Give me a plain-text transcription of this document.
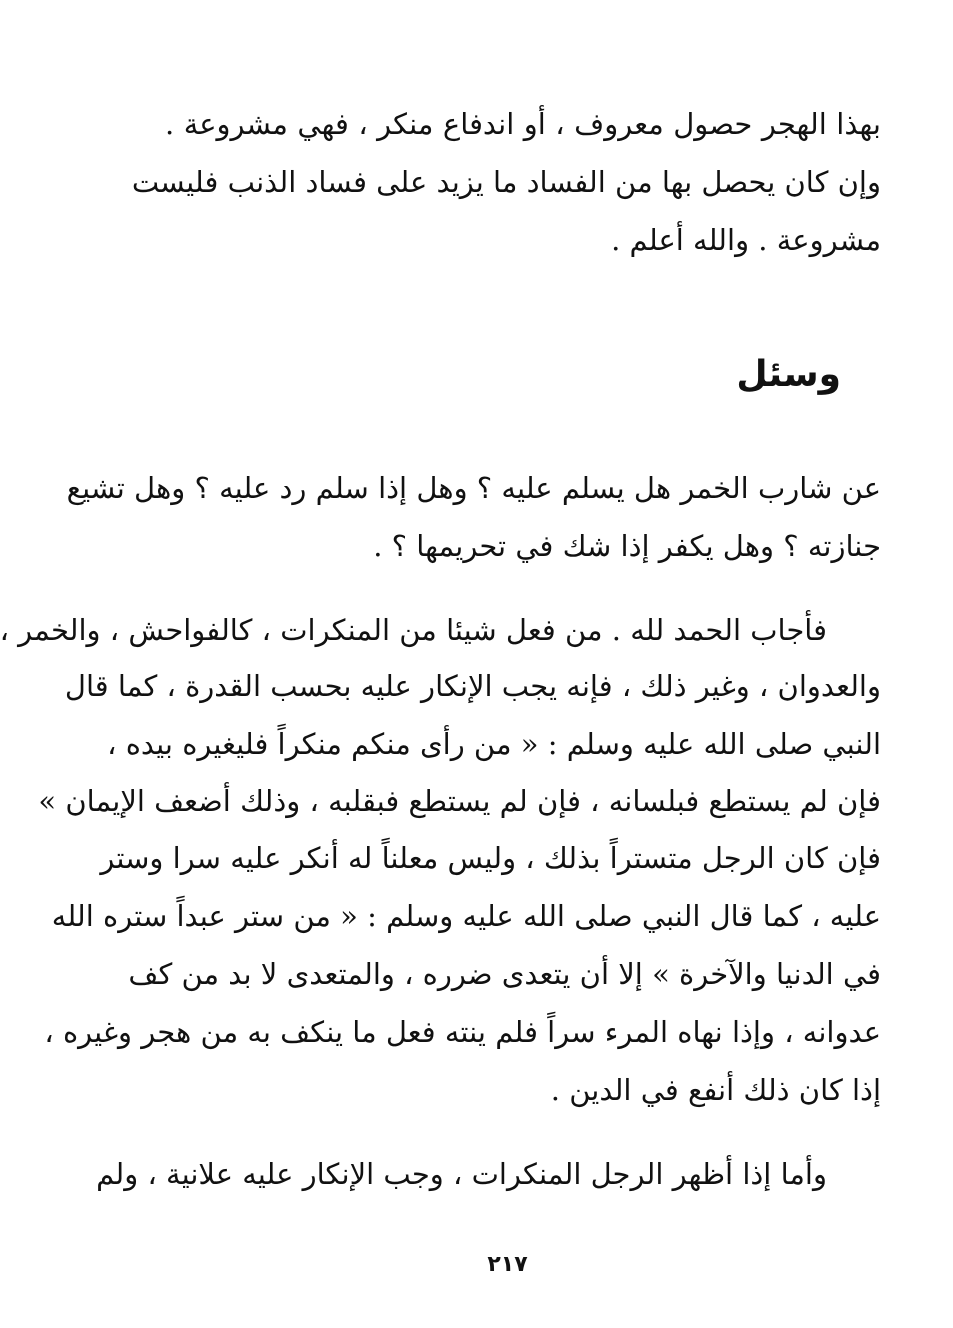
بهذا الهجر حصول معروف ، أو اندفاع منكر ، فهي مشروعة .

وإن كان يحصل بها من الفساد ما يزيد على فساد الذنب فليست

مشروعة . والله أعلم .

وسئل

عن شارب الخمر هل يسلم عليه ؟ وهل إذا سلم رد عليه ؟ وهل تشيع

جنازته ؟ وهل يكفر إذا شك في تحريمها ؟ .

فأجاب الحمد لله . من فعل شيئا من المنكرات ، كالفواحش ، والخمر ،

والعدوان ، وغير ذلك ، فإنه يجب الإنكار عليه بحسب القدرة ، كما قال

النبي صلى الله عليه وسلم : « من رأى منكم منكراً فليغيره بيده ،

فإن لم يستطع فبلسانه ، فإن لم يستطع فبقلبه ، وذلك أضعف الإيمان »

فإن كان الرجل متستراً بذلك ، وليس معلناً له أنكر عليه سرا وستر

عليه ، كما قال النبي صلى الله عليه وسلم : « من ستر عبداً ستره الله

في الدنيا والآخرة » إلا أن يتعدى ضرره ، والمتعدى لا بد من كف

عدوانه ، وإذا نهاه المرء سراً فلم ينته فعل ما ينكف به من هجر وغيره ،

إذا كان ذلك أنفع في الدين .

وأما إذا أظهر الرجل المنكرات ، وجب الإنكار عليه علانية ، ولم

٢١٧
